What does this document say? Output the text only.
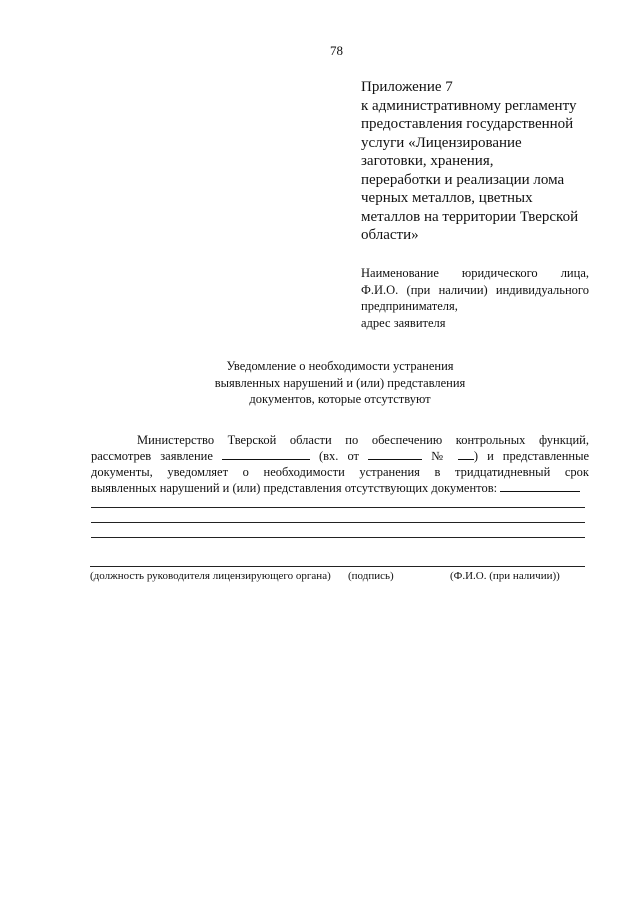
78
Приложение 7
к административному регламенту
предоставления государственной
услуги «Лицензирование
заготовки, хранения,
переработки и реализации лома
черных металлов, цветных
металлов на территории Тверской
области»
Наименование юридического лица,
Ф.И.О. (при наличии) индивидуального
предпринимателя,
адрес заявителя
Уведомление о необходимости устранения
выявленных нарушений и (или) представления
документов, которые отсутствуют
Министерство Тверской области по обеспечению контрольных функций,
рассмотрев заявление	(вх. от	№ ) и представленные
документы, уведомляет о необходимости устранения в тридцатидневный срок
выявленных нарушений и (или) представления отсутствующих документов:
(должность руководителя лицензирующего органа) (подпись)	(Ф.И.О. (при наличии))
